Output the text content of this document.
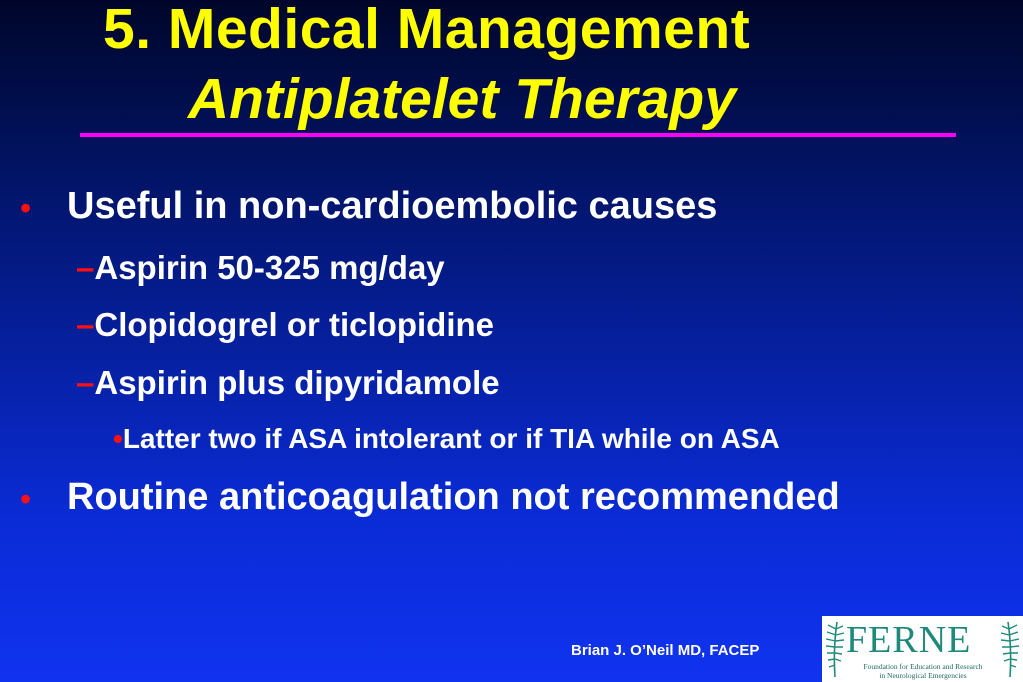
5. Medical Management
Antiplatelet Therapy
• Useful in non-cardioembolic causes
–Aspirin 50-325 mg/day
–Clopidogrel or ticlopidine
–Aspirin plus dipyridamole
•Latter two if ASA intolerant or if TIA while on ASA
• Routine anticoagulation not recommended
Brian J. O’Neil MD, FACEP FERNE
Foundation for Education and Research
in Neurological Emergencies
